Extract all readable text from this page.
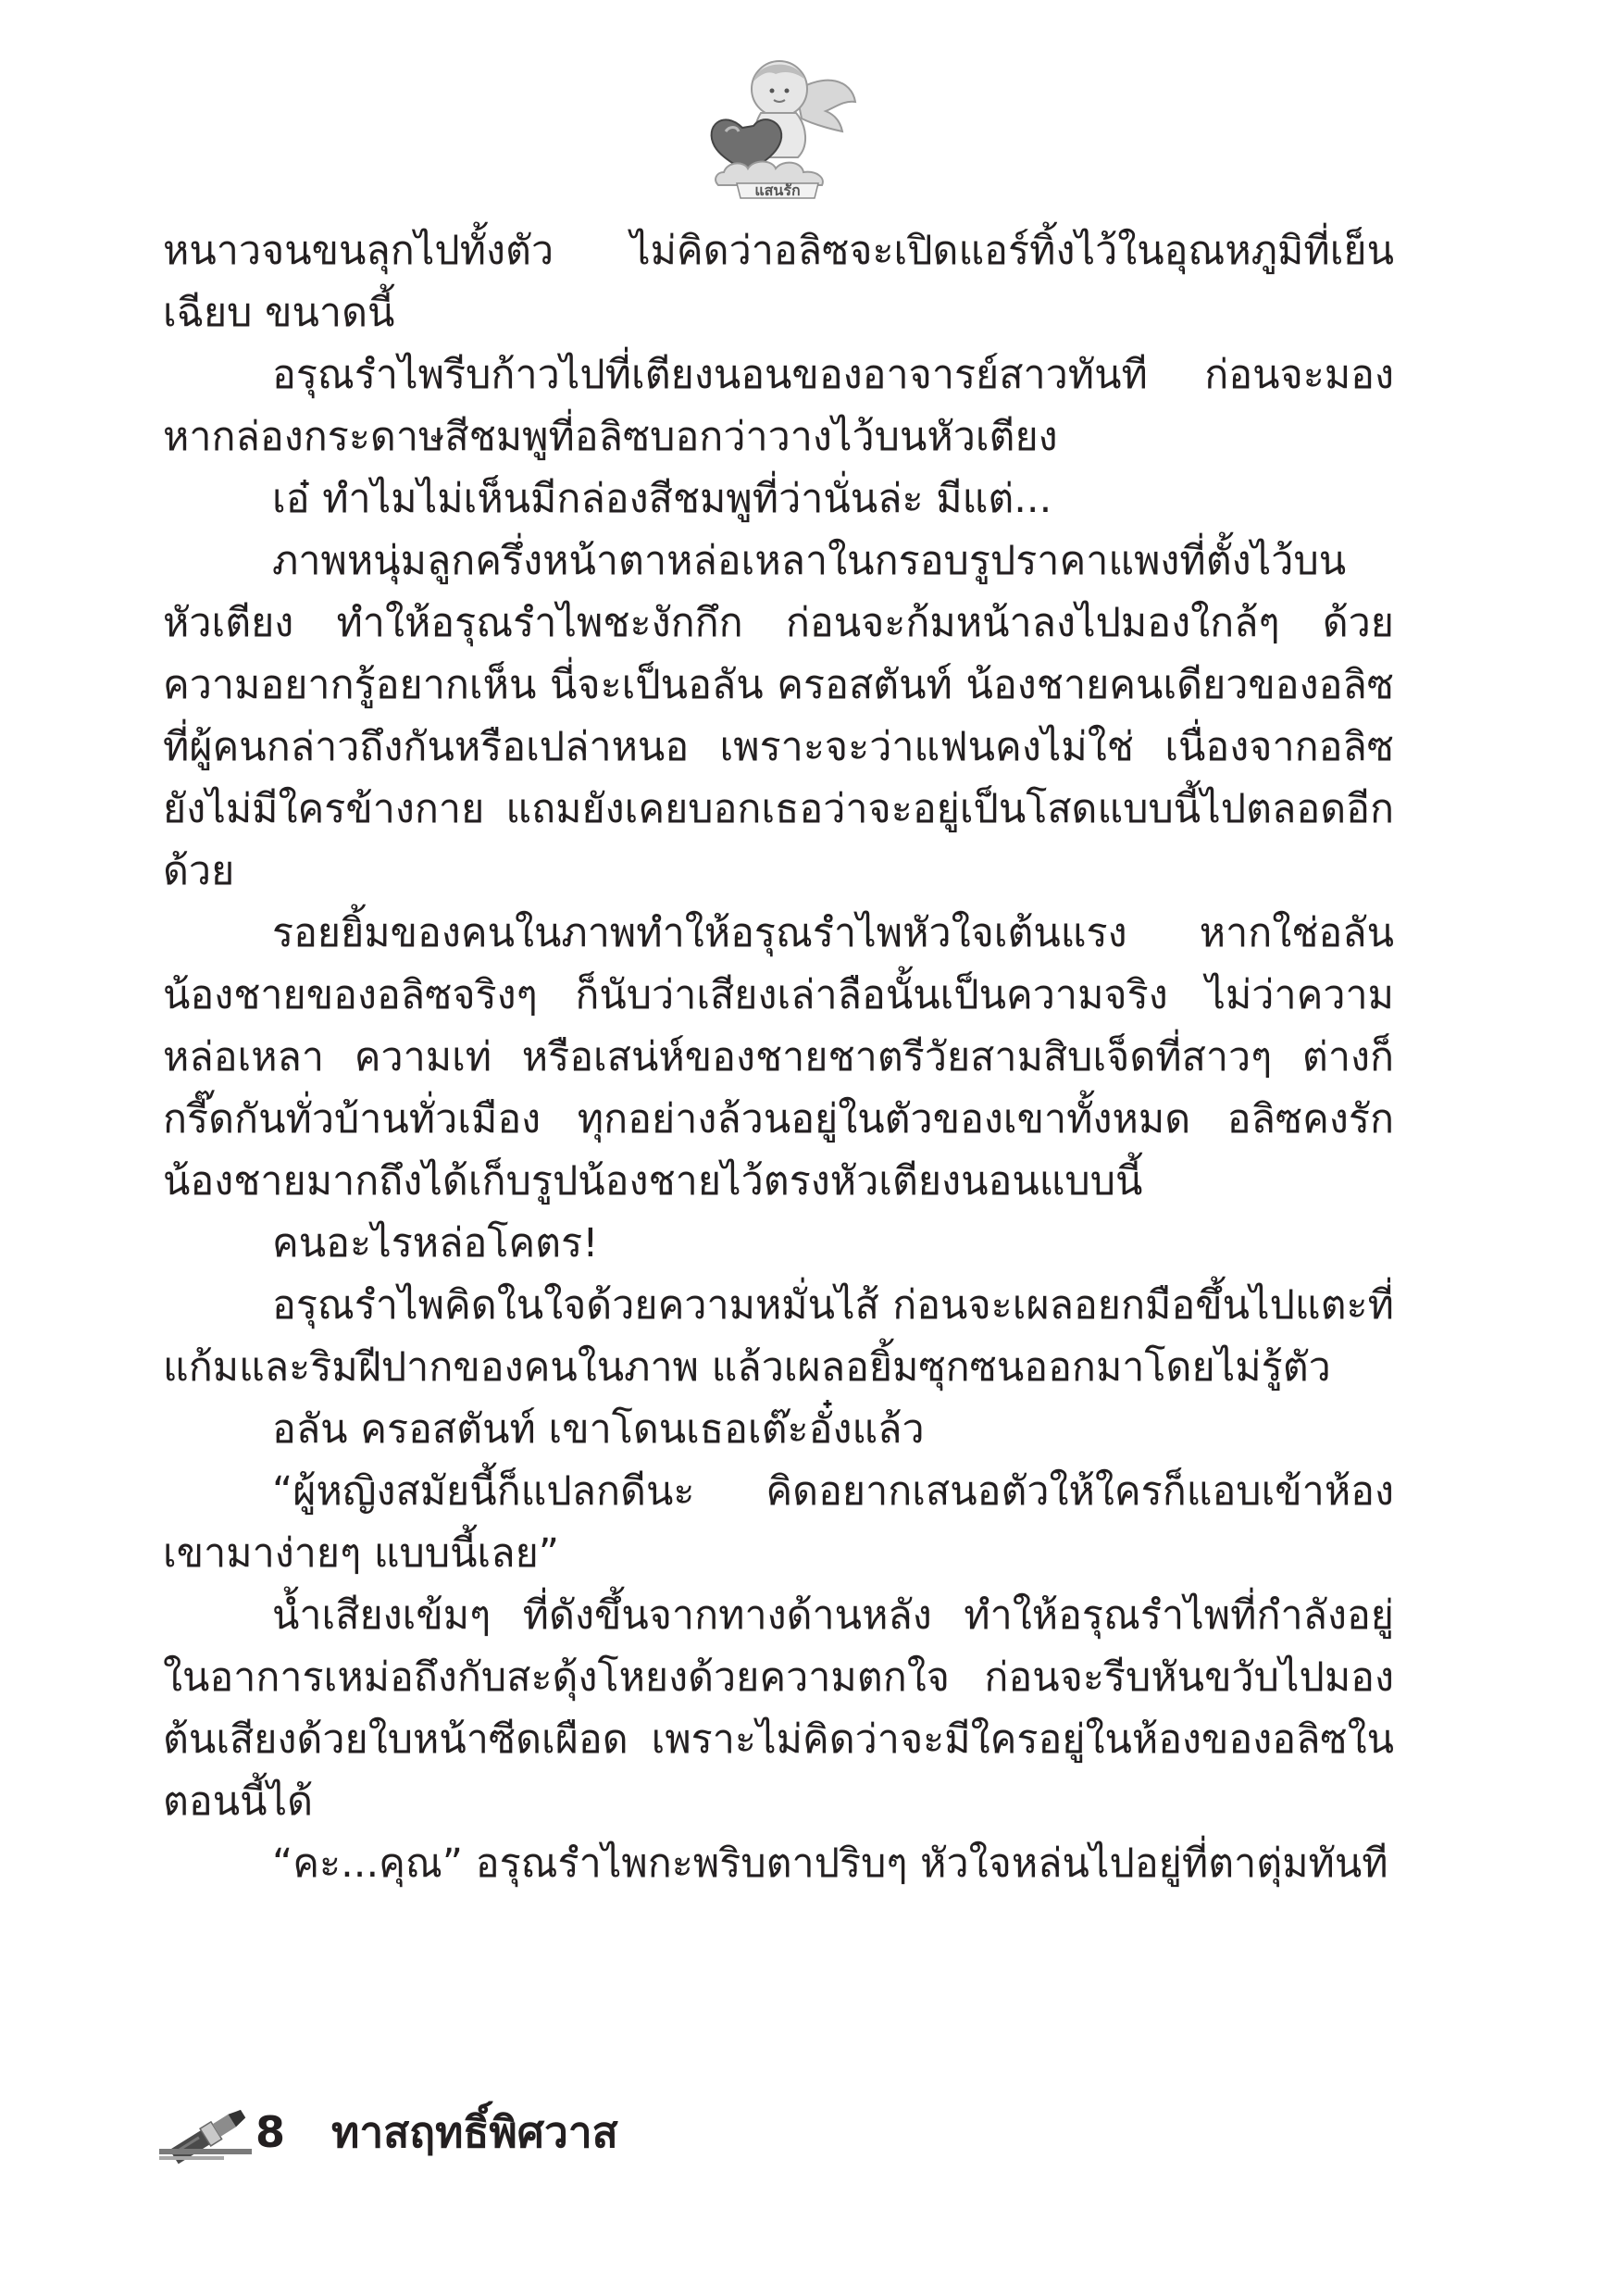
แสนรัก

หนาวจนขนลุกไปทั้งตัว ไม่คิดว่าอลิซจะเปิดแอร์ทิ้งไว้ในอุณหภูมิที่เย็นเฉียบ ขนาดนี้

อรุณรำไพรีบก้าวไปที่เตียงนอนของอาจารย์สาวทันที ก่อนจะมองหากล่องกระดาษสีชมพูที่อลิซบอกว่าวางไว้บนหัวเตียง

เอ๋ ทำไมไม่เห็นมีกล่องสีชมพูที่ว่านั่นล่ะ มีแต่...

ภาพหนุ่มลูกครึ่งหน้าตาหล่อเหลาในกรอบรูปราคาแพงที่ตั้งไว้บนหัวเตียง ทำให้อรุณรำไพชะงักกึก ก่อนจะก้มหน้าลงไปมองใกล้ๆ ด้วยความอยากรู้อยากเห็น นี่จะเป็นอลัน ครอสตันท์ น้องชายคนเดียวของอลิซที่ผู้คนกล่าวถึงกันหรือเปล่าหนอ เพราะจะว่าแฟนคงไม่ใช่ เนื่องจากอลิซยังไม่มีใครข้างกาย แถมยังเคยบอกเธอว่าจะอยู่เป็นโสดแบบนี้ไปตลอดอีกด้วย

รอยยิ้มของคนในภาพทำให้อรุณรำไพหัวใจเต้นแรง หากใช่อลันน้องชายของอลิซจริงๆ ก็นับว่าเสียงเล่าลือนั้นเป็นความจริง ไม่ว่าความหล่อเหลา ความเท่ หรือเสน่ห์ของชายชาตรีวัยสามสิบเจ็ดที่สาวๆ ต่างก็กรี๊ดกันทั่วบ้านทั่วเมือง ทุกอย่างล้วนอยู่ในตัวของเขาทั้งหมด อลิซคงรักน้องชายมากถึงได้เก็บรูปน้องชายไว้ตรงหัวเตียงนอนแบบนี้

คนอะไรหล่อโคตร!

อรุณรำไพคิดในใจด้วยความหมั่นไส้ ก่อนจะเผลอยกมือขึ้นไปแตะที่แก้มและริมฝีปากของคนในภาพ แล้วเผลอยิ้มซุกซนออกมาโดยไม่รู้ตัว

อลัน ครอสตันท์ เขาโดนเธอเต๊ะอั๋งแล้ว

“ผู้หญิงสมัยนี้ก็แปลกดีนะ คิดอยากเสนอตัวให้ใครก็แอบเข้าห้องเขามาง่ายๆ แบบนี้เลย”

น้ำเสียงเข้มๆ ที่ดังขึ้นจากทางด้านหลัง ทำให้อรุณรำไพที่กำลังอยู่ในอาการเหม่อถึงกับสะดุ้งโหยงด้วยความตกใจ ก่อนจะรีบหันขวับไปมองต้นเสียงด้วยใบหน้าซีดเผือด เพราะไม่คิดว่าจะมีใครอยู่ในห้องของอลิซในตอนนี้ได้

“คะ...คุณ” อรุณรำไพกะพริบตาปริบๆ หัวใจหล่นไปอยู่ที่ตาตุ่มทันที

8 ทาสฤทธิ์พิศวาส
